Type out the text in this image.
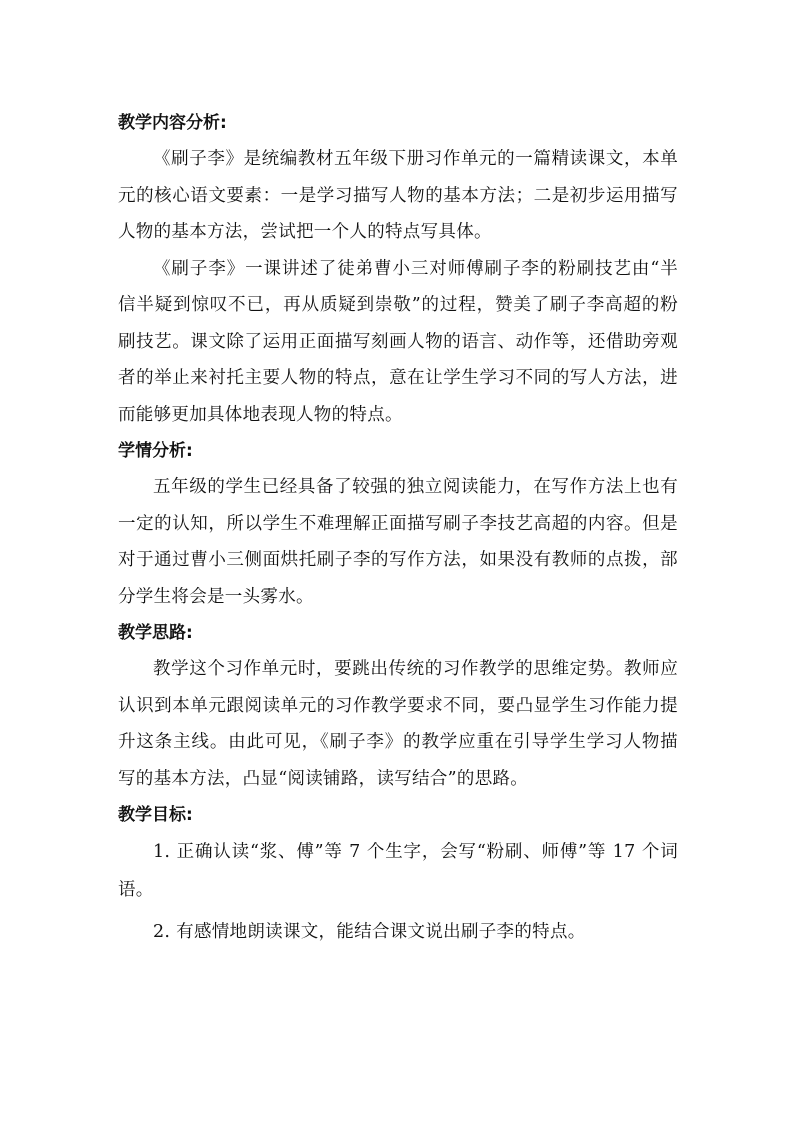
教学内容分析:

《刷子李》是统编教材五年级下册习作单元的一篇精读课文，本单元的核心语文要素：一是学习描写人物的基本方法；二是初步运用描写人物的基本方法，尝试把一个人的特点写具体。

《刷子李》一课讲述了徒弟曹小三对师傅刷子李的粉刷技艺由“半信半疑到惊叹不已，再从质疑到崇敬”的过程，赞美了刷子李高超的粉刷技艺。课文除了运用正面描写刻画人物的语言、动作等，还借助旁观者的举止来衬托主要人物的特点，意在让学生学习不同的写人方法，进而能够更加具体地表现人物的特点。

学情分析:

五年级的学生已经具备了较强的独立阅读能力，在写作方法上也有一定的认知，所以学生不难理解正面描写刷子李技艺高超的内容。但是对于通过曹小三侧面烘托刷子李的写作方法，如果没有教师的点拨，部分学生将会是一头雾水。

教学思路:

教学这个习作单元时，要跳出传统的习作教学的思维定势。教师应认识到本单元跟阅读单元的习作教学要求不同，要凸显学生习作能力提升这条主线。由此可见，《刷子李》的教学应重在引导学生学习人物描写的基本方法，凸显“阅读铺路，读写结合”的思路。

教学目标:

1. 正确认读“浆、傅”等 7 个生字，会写“粉刷、师傅”等 17 个词语。

2. 有感情地朗读课文，能结合课文说出刷子李的特点。
